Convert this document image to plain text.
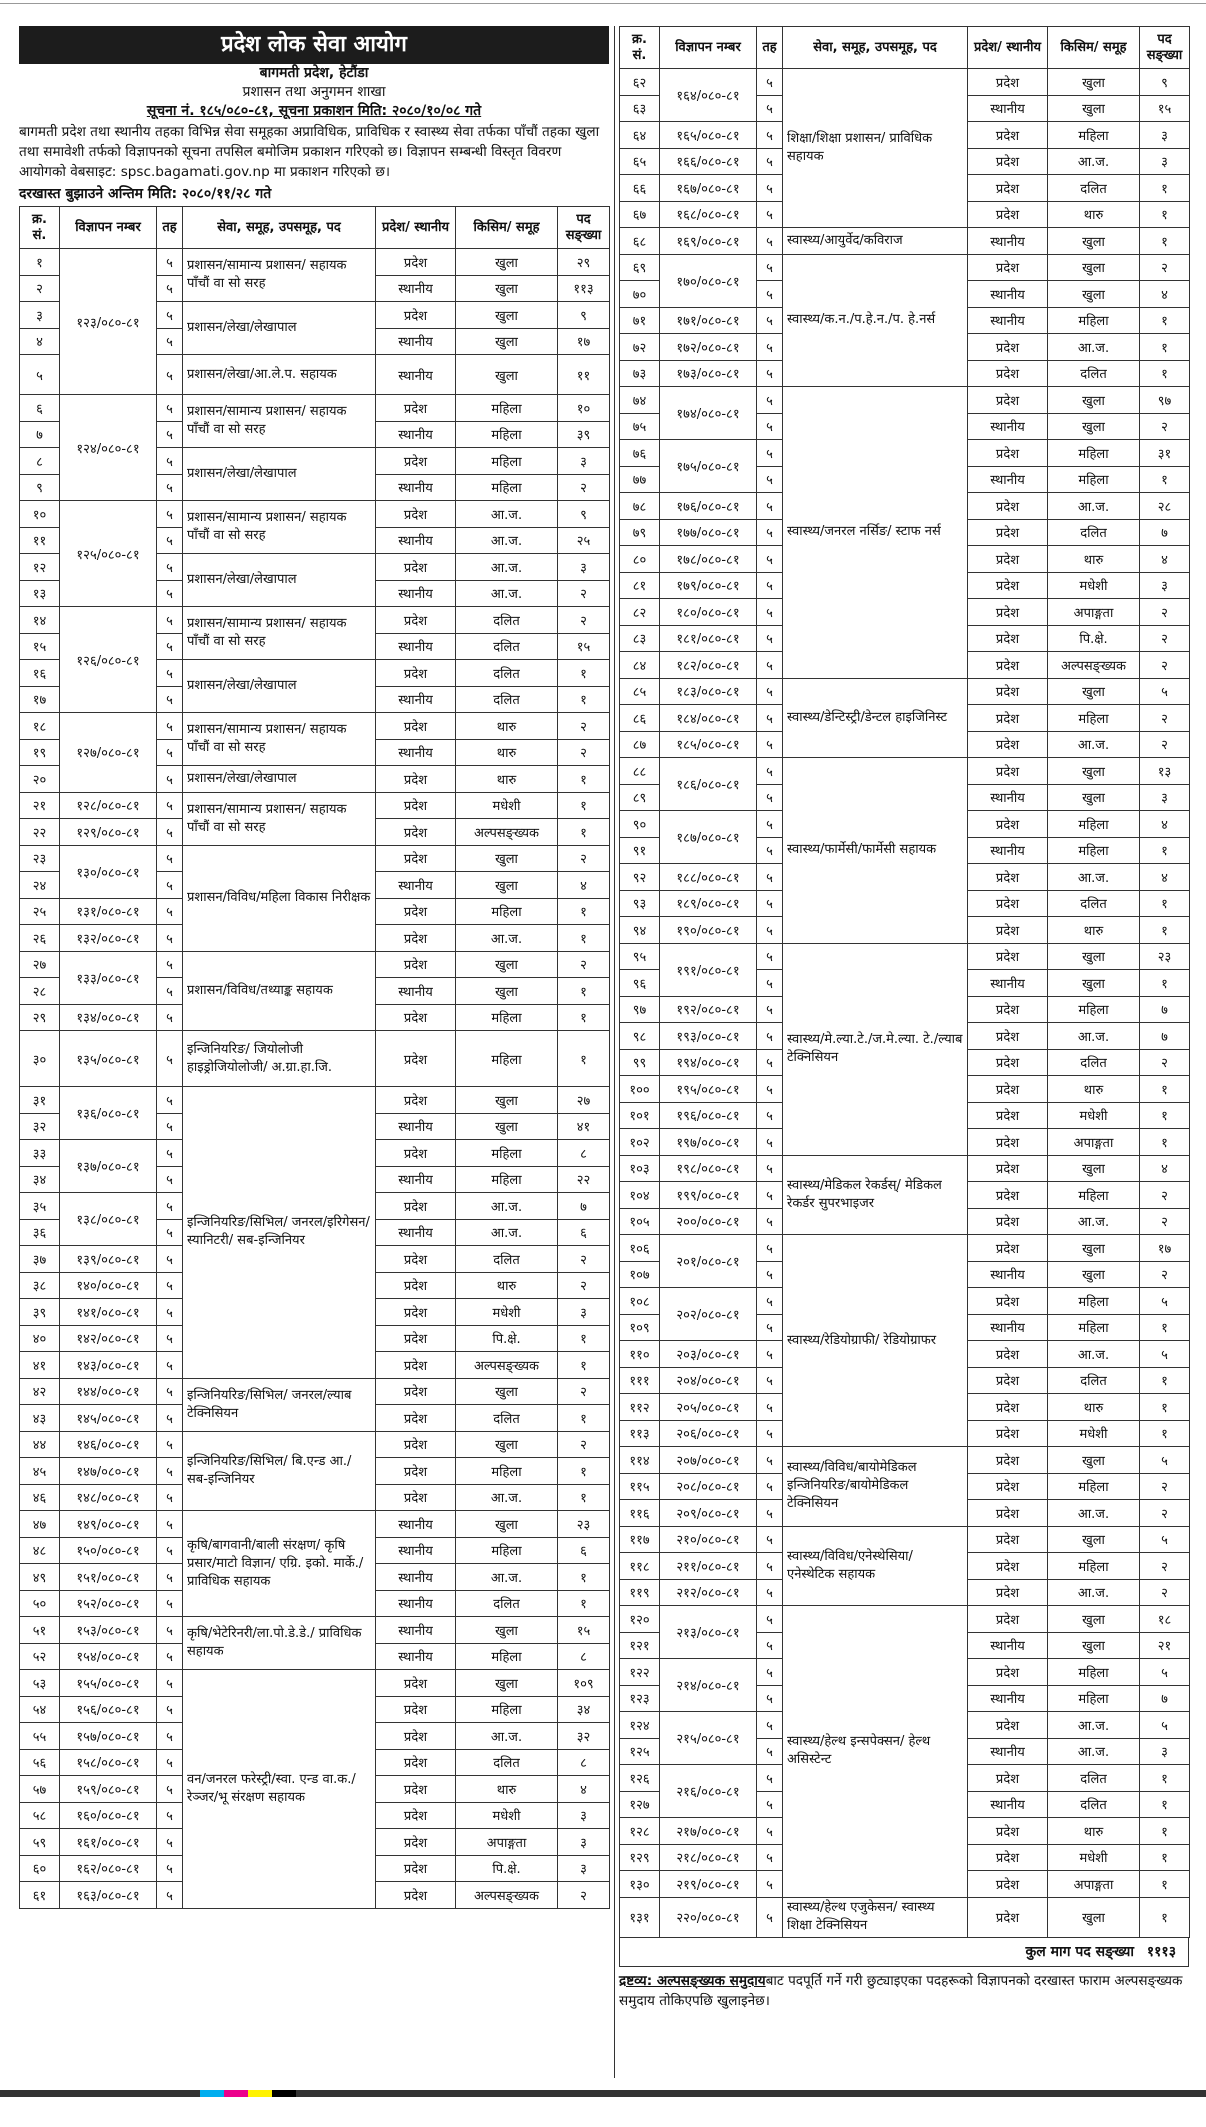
प्रदेश लोक सेवा आयोग
बागमती प्रदेश, हेटौंडा
प्रशासन तथा अनुगमन शाखा
सूचना नं. १८५/०८०-८१, सूचना प्रकाशन मिति: २०८०/१०/०८ गते
बागमती प्रदेश तथा स्थानीय तहका विभिन्न सेवा समूहका अप्राविधिक, प्राविधिक र स्वास्थ्य सेवा तर्फका पाँचौं तहका खुला तथा समावेशी तर्फको विज्ञापनको सूचना तपसिल बमोजिम प्रकाशन गरिएको छ। विज्ञापन सम्बन्धी विस्तृत विवरण आयोगको वेबसाइट: spsc.bagamati.gov.np मा प्रकाशन गरिएको छ।
दरखास्त बुझाउने अन्तिम मिति: २०८०/११/२८ गते
क्र. सं.	विज्ञापन नम्बर	तह	सेवा, समूह, उपसमूह, पद	प्रदेश/ स्थानीय	किसिम/ समूह	पद सङ्ख्या
१	१२३/०८०-८१	५	प्रशासन/सामान्य प्रशासन/ सहायक पाँचौं वा सो सरह	प्रदेश	खुला	२९
२		५		स्थानीय	खुला	११३
३		५	प्रशासन/लेखा/लेखापाल	प्रदेश	खुला	९
४		५		स्थानीय	खुला	१७
५		५	प्रशासन/लेखा/आ.ले.प. सहायक	स्थानीय	खुला	११
६	१२४/०८०-८१	५	प्रशासन/सामान्य प्रशासन/ सहायक पाँचौं वा सो सरह	प्रदेश	महिला	१०
७		५		स्थानीय	महिला	३९
८		५	प्रशासन/लेखा/लेखापाल	प्रदेश	महिला	३
९		५		स्थानीय	महिला	२
१०	१२५/०८०-८१	५	प्रशासन/सामान्य प्रशासन/ सहायक पाँचौं वा सो सरह	प्रदेश	आ.ज.	९
११		५		स्थानीय	आ.ज.	२५
१२		५	प्रशासन/लेखा/लेखापाल	प्रदेश	आ.ज.	३
१३		५		स्थानीय	आ.ज.	२
१४	१२६/०८०-८१	५	प्रशासन/सामान्य प्रशासन/ सहायक पाँचौं वा सो सरह	प्रदेश	दलित	२
१५		५		स्थानीय	दलित	१५
१६		५	प्रशासन/लेखा/लेखापाल	प्रदेश	दलित	१
१७		५		स्थानीय	दलित	१
१८	१२७/०८०-८१	५	प्रशासन/सामान्य प्रशासन/ सहायक पाँचौं वा सो सरह	प्रदेश	थारु	२
१९		५		स्थानीय	थारु	२
२०		५	प्रशासन/लेखा/लेखापाल	प्रदेश	थारु	१
२१	१२८/०८०-८१	५	प्रशासन/सामान्य प्रशासन/ सहायक पाँचौं वा सो सरह	प्रदेश	मधेशी	१
२२	१२९/०८०-८१	५		प्रदेश	अल्पसङ्ख्यक	१
२३	१३०/०८०-८१	५	प्रशासन/विविध/महिला विकास निरीक्षक	प्रदेश	खुला	२
२४		५		स्थानीय	खुला	४
२५	१३१/०८०-८१	५		प्रदेश	महिला	१
२६	१३२/०८०-८१	५		प्रदेश	आ.ज.	१
२७	१३३/०८०-८१	५	प्रशासन/विविध/तथ्याङ्क सहायक	प्रदेश	खुला	२
२८		५		स्थानीय	खुला	१
२९	१३४/०८०-८१	५		प्रदेश	महिला	१
३०	१३५/०८०-८१	५	इन्जिनियरिङ/ जियोलोजी हाइड्रोजियोलोजी/ अ.ग्रा.हा.जि.	प्रदेश	महिला	१
३१	१३६/०८०-८१	५	इन्जिनियरिङ/सिभिल/ जनरल/इरिगेसन/स्यानिटरी/ सब-इन्जिनियर	प्रदेश	खुला	२७
३२		५		स्थानीय	खुला	४१
३३	१३७/०८०-८१	५		प्रदेश	महिला	८
३४		५		स्थानीय	महिला	२२
३५	१३८/०८०-८१	५		प्रदेश	आ.ज.	७
३६		५		स्थानीय	आ.ज.	६
३७	१३९/०८०-८१	५		प्रदेश	दलित	२
३८	१४०/०८०-८१	५		प्रदेश	थारु	२
३९	१४१/०८०-८१	५		प्रदेश	मधेशी	३
४०	१४२/०८०-८१	५		प्रदेश	पि.क्षे.	१
४१	१४३/०८०-८१	५		प्रदेश	अल्पसङ्ख्यक	१
४२	१४४/०८०-८१	५	इन्जिनियरिङ/सिभिल/ जनरल/ल्याब टेक्निसियन	प्रदेश	खुला	२
४३	१४५/०८०-८१	५		प्रदेश	दलित	१
४४	१४६/०८०-८१	५	इन्जिनियरिङ/सिभिल/ बि.एन्ड आ./सब-इन्जिनियर	प्रदेश	खुला	२
४५	१४७/०८०-८१	५		प्रदेश	महिला	१
४६	१४८/०८०-८१	५		प्रदेश	आ.ज.	१
४७	१४९/०८०-८१	५	कृषि/बागवानी/बाली संरक्षण/ कृषि प्रसार/माटो विज्ञान/ एग्रि. इको. मार्के./प्राविधिक सहायक	स्थानीय	खुला	२३
४८	१५०/०८०-८१	५		स्थानीय	महिला	६
४९	१५१/०८०-८१	५		स्थानीय	आ.ज.	१
५०	१५२/०८०-८१	५		स्थानीय	दलित	१
५१	१५३/०८०-८१	५	कृषि/भेटेरिनरी/ला.पो.डे.डे./ प्राविधिक सहायक	स्थानीय	खुला	१५
५२	१५४/०८०-८१	५		स्थानीय	महिला	८
५३	१५५/०८०-८१	५	वन/जनरल फरेस्ट्री/स्वा. एन्ड वा.क./रेञ्जर/भू संरक्षण सहायक	प्रदेश	खुला	१०९
५४	१५६/०८०-८१	५		प्रदेश	महिला	३४
५५	१५७/०८०-८१	५		प्रदेश	आ.ज.	३२
५६	१५८/०८०-८१	५		प्रदेश	दलित	८
५७	१५९/०८०-८१	५		प्रदेश	थारु	४
५८	१६०/०८०-८१	५		प्रदेश	मधेशी	३
५९	१६१/०८०-८१	५		प्रदेश	अपाङ्गता	३
६०	१६२/०८०-८१	५		प्रदेश	पि.क्षे.	३
६१	१६३/०८०-८१	५		प्रदेश	अल्पसङ्ख्यक	२
क्र. सं.	विज्ञापन नम्बर	तह	सेवा, समूह, उपसमूह, पद	प्रदेश/ स्थानीय	किसिम/ समूह	पद सङ्ख्या
६२	१६४/०८०-८१	५	शिक्षा/शिक्षा प्रशासन/ प्राविधिक सहायक	प्रदेश	खुला	९
६३		५		स्थानीय	खुला	१५
६४	१६५/०८०-८१	५		प्रदेश	महिला	३
६५	१६६/०८०-८१	५		प्रदेश	आ.ज.	३
६६	१६७/०८०-८१	५		प्रदेश	दलित	१
६७	१६८/०८०-८१	५		प्रदेश	थारु	१
६८	१६९/०८०-८१	५	स्वास्थ्य/आयुर्वेद/कविराज	स्थानीय	खुला	१
६९	१७०/०८०-८१	५	स्वास्थ्य/क.न./प.हे.न./प. हे.नर्स	प्रदेश	खुला	२
७०		५		स्थानीय	खुला	४
७१	१७१/०८०-८१	५		स्थानीय	महिला	१
७२	१७२/०८०-८१	५		प्रदेश	आ.ज.	१
७३	१७३/०८०-८१	५		प्रदेश	दलित	१
७४	१७४/०८०-८१	५	स्वास्थ्य/जनरल नर्सिङ/ स्टाफ नर्स	प्रदेश	खुला	९७
७५		५		स्थानीय	खुला	२
७६	१७५/०८०-८१	५		प्रदेश	महिला	३१
७७		५		स्थानीय	महिला	१
७८	१७६/०८०-८१	५		प्रदेश	आ.ज.	२८
७९	१७७/०८०-८१	५		प्रदेश	दलित	७
८०	१७८/०८०-८१	५		प्रदेश	थारु	४
८१	१७९/०८०-८१	५		प्रदेश	मधेशी	३
८२	१८०/०८०-८१	५		प्रदेश	अपाङ्गता	२
८३	१८१/०८०-८१	५		प्रदेश	पि.क्षे.	२
८४	१८२/०८०-८१	५		प्रदेश	अल्पसङ्ख्यक	२
८५	१८३/०८०-८१	५	स्वास्थ्य/डेन्टिस्ट्री/डेन्टल हाइजिनिस्ट	प्रदेश	खुला	५
८६	१८४/०८०-८१	५		प्रदेश	महिला	२
८७	१८५/०८०-८१	५		प्रदेश	आ.ज.	२
८८	१८६/०८०-८१	५	स्वास्थ्य/फार्मेसी/फार्मेसी सहायक	प्रदेश	खुला	१३
८९		५		स्थानीय	खुला	३
९०	१८७/०८०-८१	५		प्रदेश	महिला	४
९१		५		स्थानीय	महिला	१
९२	१८८/०८०-८१	५		प्रदेश	आ.ज.	४
९३	१८९/०८०-८१	५		प्रदेश	दलित	१
९४	१९०/०८०-८१	५		प्रदेश	थारु	१
९५	१९१/०८०-८१	५	स्वास्थ्य/मे.ल्या.टे./ज.मे.ल्या. टे./ल्याब टेक्निसियन	प्रदेश	खुला	२३
९६		५		स्थानीय	खुला	१
९७	१९२/०८०-८१	५		प्रदेश	महिला	७
९८	१९३/०८०-८१	५		प्रदेश	आ.ज.	७
९९	१९४/०८०-८१	५		प्रदेश	दलित	२
१००	१९५/०८०-८१	५		प्रदेश	थारु	१
१०१	१९६/०८०-८१	५		प्रदेश	मधेशी	१
१०२	१९७/०८०-८१	५		प्रदेश	अपाङ्गता	१
१०३	१९८/०८०-८१	५	स्वास्थ्य/मेडिकल रेकर्डस्/ मेडिकल रेकर्डर सुपरभाइजर	प्रदेश	खुला	४
१०४	१९९/०८०-८१	५		प्रदेश	महिला	२
१०५	२००/०८०-८१	५		प्रदेश	आ.ज.	२
१०६	२०१/०८०-८१	५	स्वास्थ्य/रेडियोग्राफी/ रेडियोग्राफर	प्रदेश	खुला	१७
१०७		५		स्थानीय	खुला	२
१०८	२०२/०८०-८१	५		प्रदेश	महिला	५
१०९		५		स्थानीय	महिला	१
११०	२०३/०८०-८१	५		प्रदेश	आ.ज.	५
१११	२०४/०८०-८१	५		प्रदेश	दलित	१
११२	२०५/०८०-८१	५		प्रदेश	थारु	१
११३	२०६/०८०-८१	५		प्रदेश	मधेशी	१
११४	२०७/०८०-८१	५	स्वास्थ्य/विविध/बायोमेडिकल इन्जिनियरिङ/बायोमेडिकल टेक्निसियन	प्रदेश	खुला	५
११५	२०८/०८०-८१	५		प्रदेश	महिला	२
११६	२०९/०८०-८१	५		प्रदेश	आ.ज.	२
११७	२१०/०८०-८१	५	स्वास्थ्य/विविध/एनेस्थेसिया/ एनेस्थेटिक सहायक	प्रदेश	खुला	५
११८	२११/०८०-८१	५		प्रदेश	महिला	२
११९	२१२/०८०-८१	५		प्रदेश	आ.ज.	२
१२०	२१३/०८०-८१	५	स्वास्थ्य/हेल्थ इन्सपेक्सन/ हेल्थ असिस्टेन्ट	प्रदेश	खुला	१८
१२१		५		स्थानीय	खुला	२१
१२२	२१४/०८०-८१	५		प्रदेश	महिला	५
१२३		५		स्थानीय	महिला	७
१२४	२१५/०८०-८१	५		प्रदेश	आ.ज.	५
१२५		५		स्थानीय	आ.ज.	३
१२६	२१६/०८०-८१	५		प्रदेश	दलित	१
१२७		५		स्थानीय	दलित	१
१२८	२१७/०८०-८१	५		प्रदेश	थारु	१
१२९	२१८/०८०-८१	५		प्रदेश	मधेशी	१
१३०	२१९/०८०-८१	५		प्रदेश	अपाङ्गता	१
१३१	२२०/०८०-८१	५	स्वास्थ्य/हेल्थ एजुकेसन/ स्वास्थ्य शिक्षा टेक्निसियन	प्रदेश	खुला	१
कुल माग पद सङ्ख्या १११३
द्रष्टव्य: अल्पसङ्ख्यक समुदायबाट पदपूर्ति गर्ने गरी छुट्याइएका पदहरूको विज्ञापनको दरखास्त फाराम अल्पसङ्ख्यक समुदाय तोकिएपछि खुलाइनेछ।
